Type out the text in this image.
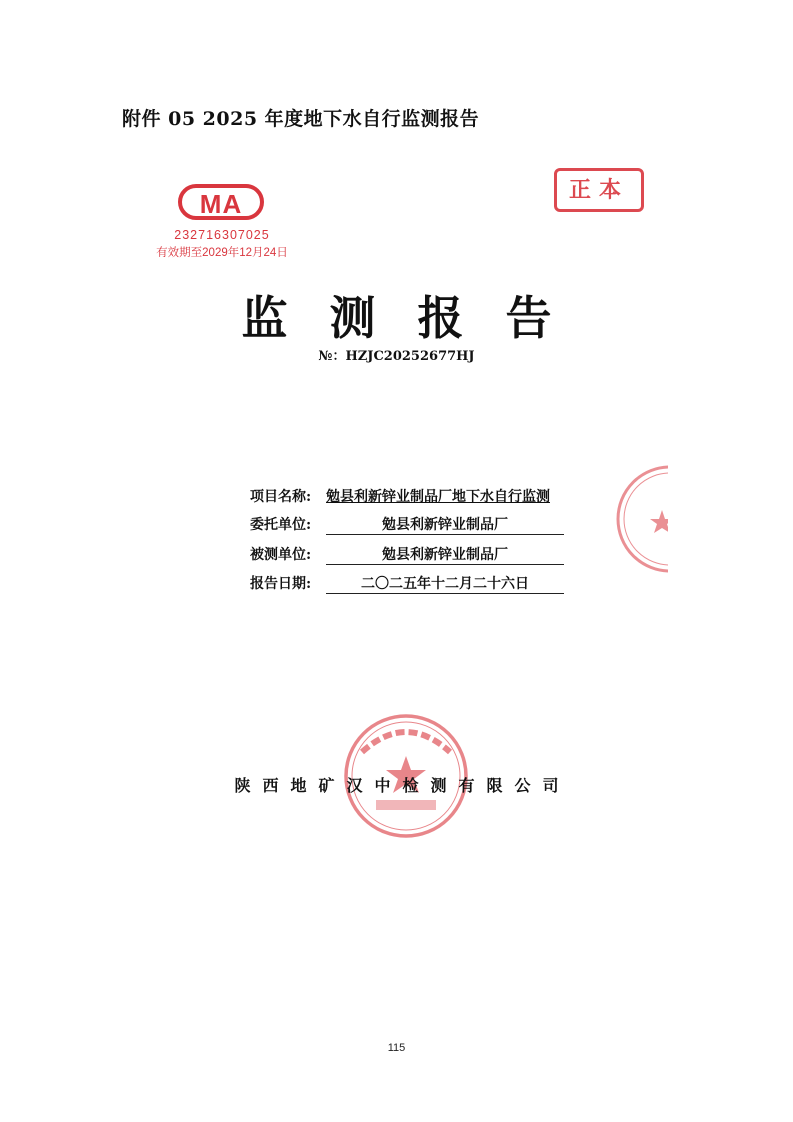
附件 05 2025 年度地下水自行监测报告
MA
232716307025
有效期至2029年12月24日
正本
监测报告
№：HZJC20252677HJ
项目名称: 勉县利新锌业制品厂地下水自行监测
委托单位:	勉县利新锌业制品厂
被测单位:	勉县利新锌业制品厂
报告日期:	二〇二五年十二月二十六日
陕西地矿汉中检测有限公司
115
